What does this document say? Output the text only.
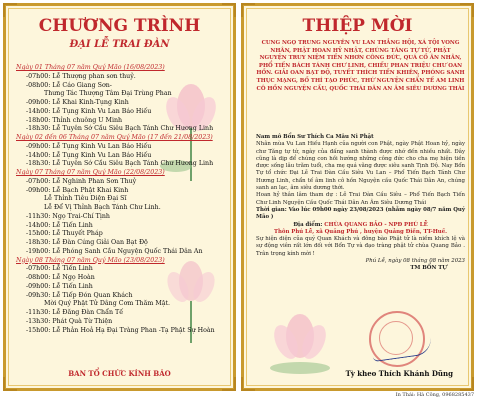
CHƯƠNG TRÌNH
ĐẠI LỄ TRAI ĐÀN
Ngày 01 Tháng 07 năm Quý Mão (16/08/2023)
-07h00: Lễ Thượng phan sơn thuỷ.
-08h00: Lễ Cáo Giang Sơn-
Thưng Tác Thượng Tâm Đại Trùng Phan
-09h00: Lễ Khai Kinh-Tụng Kinh
-14h00: Lễ Tụng Kinh Vu Lan Báo Hiếu
-18h00: Thỉnh chuông U Minh
-18h30: Lễ Tuyên Sớ Cầu Siêu Bạch Tánh Chư Hương Linh
Ngày 02 đến 06 Tháng 07 năm Quý Mão (17 đến 21/08/2023)
-09h00: Lễ Tụng Kinh Vu Lan Báo Hiếu
-14h00: Lễ Tụng Kinh Vu Lan Báo Hiếu
-18h30: Lễ Tuyên Sớ Cầu Siêu Bạch Tánh Chư Hương Linh
Ngày 07 Tháng 07 năm Quý Mão (22/08/2023)
-07h00: Lễ Nghinh Phan Sơn Thuỷ
-09h00: Lễ Bạch Phật Khai Kinh
Lễ Thỉnh Tiêu Diện Đại Sĩ
Lễ Để Vị Thỉnh Bạch Tánh Chư Linh.
-11h30: Ngọ Trai-Chí Tịnh
-14h00: Lễ Tiến Linh
-15h00: Lễ Thuyết Pháp
-18h30: Lễ Đàn Cúng Giải Oan Bạt Độ
-19h00: Lễ Phóng Sanh Cầu Nguyện Quốc Thái Dân An
Ngày 08 Tháng 07 năm Quý Mão (23/08/2023)
-07h00: Lễ Tiến Linh
-08h00: Lễ Ngọ Hoàn
-09h00: Lễ Tiến Linh
-09h30: Lễ Tiếp Đón Quan Khách
Mời Quý Phật Tử Dâng Cơm Thăm Mật.
-11h30: Lễ Đăng Đàn Chẩn Tế
-13h30: Phát Quà Từ Thiện
-15h00: Lễ Phản Hoả Hạ Đại Tràng Phan -Tạ Phật Sự Hoàn
BAN TỔ CHỨC KÍNH BÁO
THIỆP MỜI
CUNG NGỌ TRUNG NGUYÊN VU LAN THẮNG HỘI, XÁ TỘI VONG NHÂN, PHẬT HOAN HỶ NHẬT, CHÚNG TĂNG TỰ TỨ, PHẬT NGUYỆN TRUY NIỆM TIẾN NHƠN CÔNG ĐỨC, QUÁ CỐ ÂN NHÂN, PHỔ TIẾN BÁCH TÁNH CHƯ LINH, CHIẾU PHAN TRIỆU CHƯ OAN HỒN. GIẢI OAN BẠT ĐỘ, TUYẾT THÍCH TIẾN KHIÊN, PHÓNG SANH THỤC MẠNG, BỐ THÍ TẠO PHÚC, THỨ NGUYỆN CHẨN TẾ AM LINH CÔ HỒN NGUYỆN CẦU, QUỐC THÁI DÂN AN ÂM SIÊU DƯƠNG THÁI
Nam mô Bổn Sư Thích Ca Mâu Ni Phật
Nhân mùa Vu Lan Hiếu Hạnh của người con Phật, ngày Phật Hoan hỷ, ngày chư Tăng tự tứ, ngày của đấng sanh thành được nhớ đến nhiều nhất. Đây cũng là dịp để chúng con hồi hướng những công đức cho cha mẹ hiện tiền được sống lâu trăm tuổi, cha mẹ quá vãng được siêu sanh Tịnh Độ. Nay Bổn Tự tổ chức Đại Lễ Trai Đàn Cầu Siêu Vu Lan – Phổ Tiến Bạch Tánh Chư Hương Linh, chẩn tế âm linh cô hồn Nguyện cầu Quốc Thái Dân An, chúng sanh an lạc, âm siêu dương thới.
Hoan hỷ thân lâm tham dự : Lễ Trai Đàn Cầu Siêu – Phổ Tiến Bạch Tiến Chư Linh Nguyện Cầu Quốc Thái Dân An Âm Siêu Dương Thái
Thời gian: Vào lúc 09h00 ngày 23/08/2023 (nhằm ngày 08/7 năm Quý Mão )
Địa điểm: CHÙA QUANG BẢO - NPĐ PHÚ LỄ
Thôn Phú Lễ, xã Quảng Phú , huyện Quảng Điền, TT-Huế.
Sự hiện diện của quý Quan Khách và đông bào Phật tử là niềm khích lệ và sự động viên rất lớn đối với Bổn Tự và đạo tràng phật tử chùa Quang Bảo . Trân trọng kính mời !
Phú Lễ, ngày 08 tháng 08 năm 2023
TM BỔN TỰ
Tỳ kheo Thích Khánh Dũng
In Thái: Hà Công, 0968285437
